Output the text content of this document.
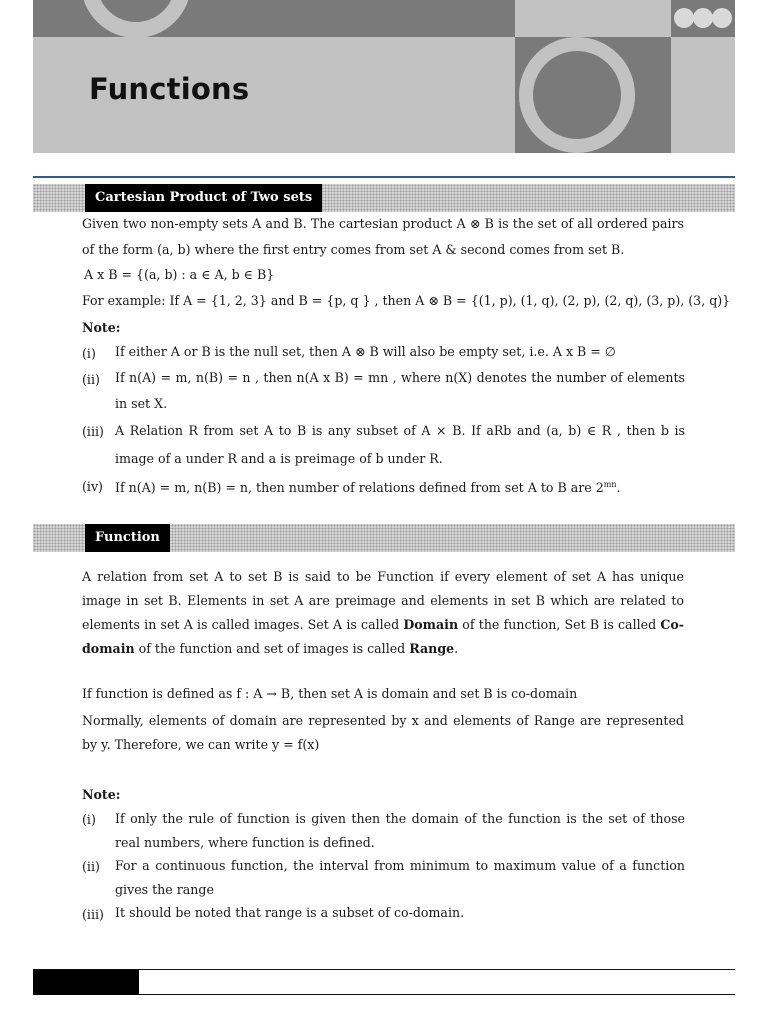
Functions
Cartesian Product of Two sets
Given two non-empty sets A and B. The cartesian product A ⊗ B is the set of all ordered pairs
of the form (a, b) where the first entry comes from set A & second comes from set B.
A x B = {(a, b) : a ∈ A, b ∈ B}
For example: If A = {1, 2, 3} and B = {p, q } , then A ⊗ B = {(1, p), (1, q), (2, p), (2, q), (3, p), (3, q)}
Note:
(i) If either A or B is the null set, then A ⊗ B will also be empty set, i.e. A x B = ∅
(ii) If n(A) = m, n(B) = n , then n(A x B) = mn , where n(X) denotes the number of elements in set X.
(iii) A Relation R from set A to B is any subset of A × B. If aRb and (a, b) ∈ R , then b is image of a under R and a is preimage of b under R.
(iv) If n(A) = m, n(B) = n, then number of relations defined from set A to B are $2^{mn}$.
Function
A relation from set A to set B is said to be Function if every element of set A has unique image in set B. Elements in set A are preimage and elements in set B which are related to elements in set A is called images. Set A is called Domain of the function, Set B is called Co-domain of the function and set of images is called Range.
If function is defined as f : A → B, then set A is domain and set B is co-domain
Normally, elements of domain are represented by x and elements of Range are represented by y. Therefore, we can write y = f(x)
Note:
(i) If only the rule of function is given then the domain of the function is the set of those real numbers, where function is defined.
(ii) For a continuous function, the interval from minimum to maximum value of a function gives the range
(iii) It should be noted that range is a subset of co-domain.
